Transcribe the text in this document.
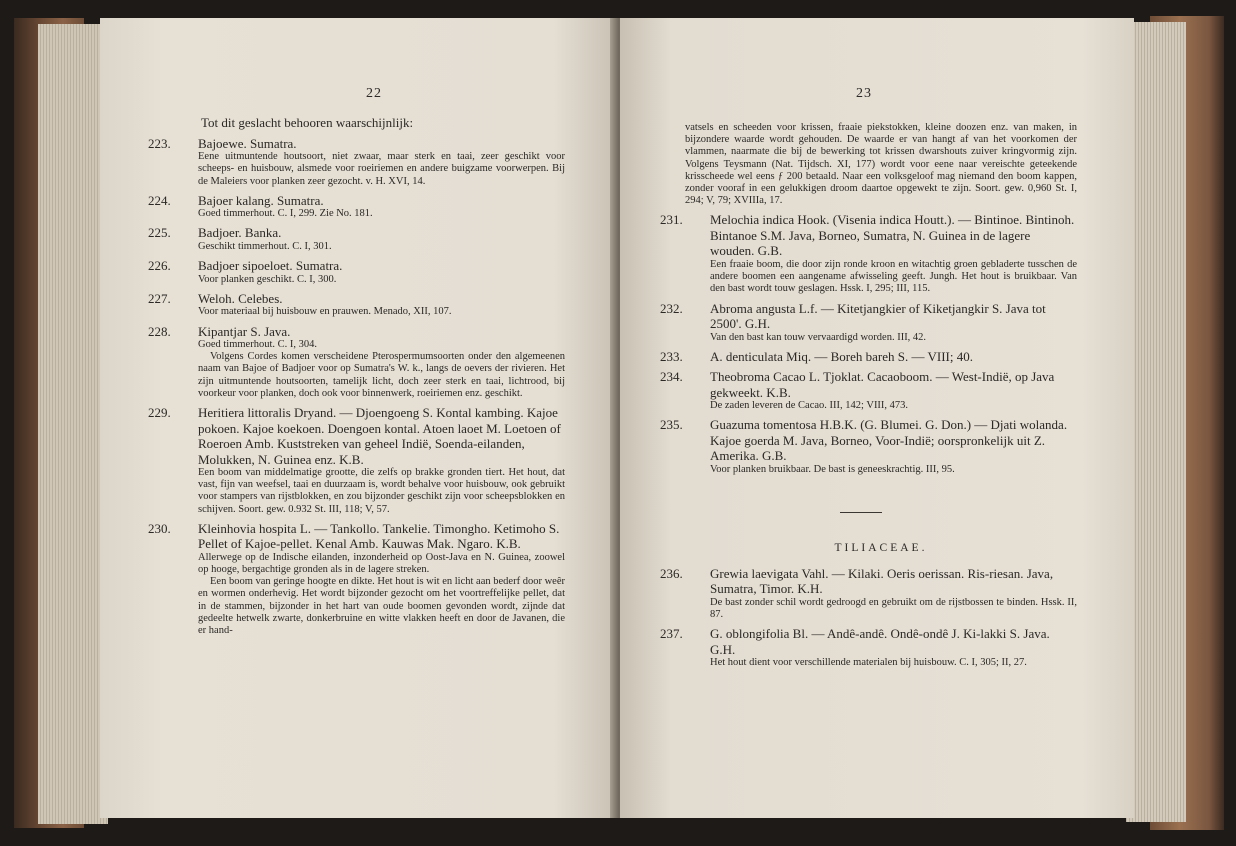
22

Tot dit geslacht behooren waarschijnlijk:

223. Bajoewe. Sumatra.

Eene uitmuntende houtsoort, niet zwaar, maar sterk en taai, zeer geschikt voor scheeps- en huisbouw, alsmede voor roeiriemen en andere buigzame voorwerpen. Bij de Maleiers voor planken zeer gezocht. v. H. XVI, 14.

224. Bajoer kalang. Sumatra.

Goed timmerhout. C. I, 299. Zie No. 181.

225. Badjoer. Banka.

Geschikt timmerhout. C. I, 301.

226. Badjoer sipoeloet. Sumatra.

Voor planken geschikt. C. I, 300.

227. Weloh. Celebes.

Voor materiaal bij huisbouw en prauwen. Menado, XII, 107.

228. Kipantjar S. Java.

Goed timmerhout. C. I, 304.

Volgens Cordes komen verscheidene Pterospermumsoorten onder den algemeenen naam van Bajoe of Badjoer voor op Sumatra's W. k., langs de oevers der rivieren. Het zijn uitmuntende houtsoorten, tamelijk licht, doch zeer sterk en taai, lichtrood, bij voorkeur voor planken, doch ook voor binnenwerk, roeiriemen enz. geschikt.

229. Heritiera littoralis Dryand. — Djoengoeng S. Kontal kambing. Kajoe pokoen. Kajoe koekoen. Doengoen kontal. Atoen laoet M. Loetoen of Roeroen Amb. Kuststreken van geheel Indië, Soenda-eilanden, Molukken, N. Guinea enz. K.B.

Een boom van middelmatige grootte, die zelfs op brakke gronden tiert. Het hout, dat vast, fijn van weefsel, taai en duurzaam is, wordt behalve voor huisbouw, ook gebruikt voor stampers van rijstblokken, en zou bijzonder geschikt zijn voor scheepsblokken en schijven. Soort. gew. 0.932 St. III, 118; V, 57.

230. Kleinhovia hospita L. — Tankollo. Tankelie. Timongho. Ketimoho S. Pellet of Kajoe-pellet. Kenal Amb. Kauwas Mak. Ngaro. K.B.

Allerwege op de Indische eilanden, inzonderheid op Oost-Java en N. Guinea, zoowel op hooge, bergachtige gronden als in de lagere streken.

Een boom van geringe hoogte en dikte. Het hout is wit en licht aan bederf door weêr en wormen onderhevig. Het wordt bijzonder gezocht om het voortreffelijke pellet, dat in de stammen, bijzonder in het hart van oude boomen gevonden wordt, zijnde dat gedeelte hetwelk zwarte, donkerbruine en witte vlakken heeft en door de Javanen, die er hand-

23

vatsels en scheeden voor krissen, fraaie piekstokken, kleine doozen enz. van maken, in bijzondere waarde wordt gehouden. De waarde er van hangt af van het voorkomen der vlammen, naarmate die bij de bewerking tot krissen dwarshouts zuiver kringvormig zijn. Volgens Teysmann (Nat. Tijdsch. XI, 177) wordt voor eene naar vereischte geteekende krisscheede wel eens ƒ 200 betaald. Naar een volksgeloof mag niemand den boom kappen, zonder vooraf in een gelukkigen droom daartoe opgewekt te zijn. Soort. gew. 0,960 St. I, 294; V, 79; XVIIIa, 17.

231. Melochia indica Hook. (Visenia indica Houtt.). — Bintinoe. Bintinoh. Bintanoe S.M. Java, Borneo, Sumatra, N. Guinea in de lagere wouden. G.B.

Een fraaie boom, die door zijn ronde kroon en witachtig groen gebladerte tusschen de andere boomen een aangename afwisseling geeft. Jungh. Het hout is bruikbaar. Van den bast wordt touw geslagen. Hssk. I, 295; III, 115.

232. Abroma angusta L.f. — Kitetjangkier of Kiketjangkir S. Java tot 2500'. G.H.

Van den bast kan touw vervaardigd worden. III, 42.

233. A. denticulata Miq. — Boreh bareh S. — VIII; 40.

234. Theobroma Cacao L. Tjoklat. Cacaoboom. — West-Indië, op Java gekweekt. K.B.

De zaden leveren de Cacao. III, 142; VIII, 473.

235. Guazuma tomentosa H.B.K. (G. Blumei. G. Don.) — Djati wolanda. Kajoe goerda M. Java, Borneo, Voor-Indië; oorspronkelijk uit Z. Amerika. G.B.

Voor planken bruikbaar. De bast is geneeskrachtig. III, 95.

TILIACEAE.

236. Grewia laevigata Vahl. — Kilaki. Oeris oerissan. Ris-riesan. Java, Sumatra, Timor. K.H.

De bast zonder schil wordt gedroogd en gebruikt om de rijstbossen te binden. Hssk. II, 87.

237. G. oblongifolia Bl. — Andê-andê. Ondê-ondê J. Ki-lakki S. Java. G.H.

Het hout dient voor verschillende materialen bij huisbouw. C. I, 305; II, 27.
